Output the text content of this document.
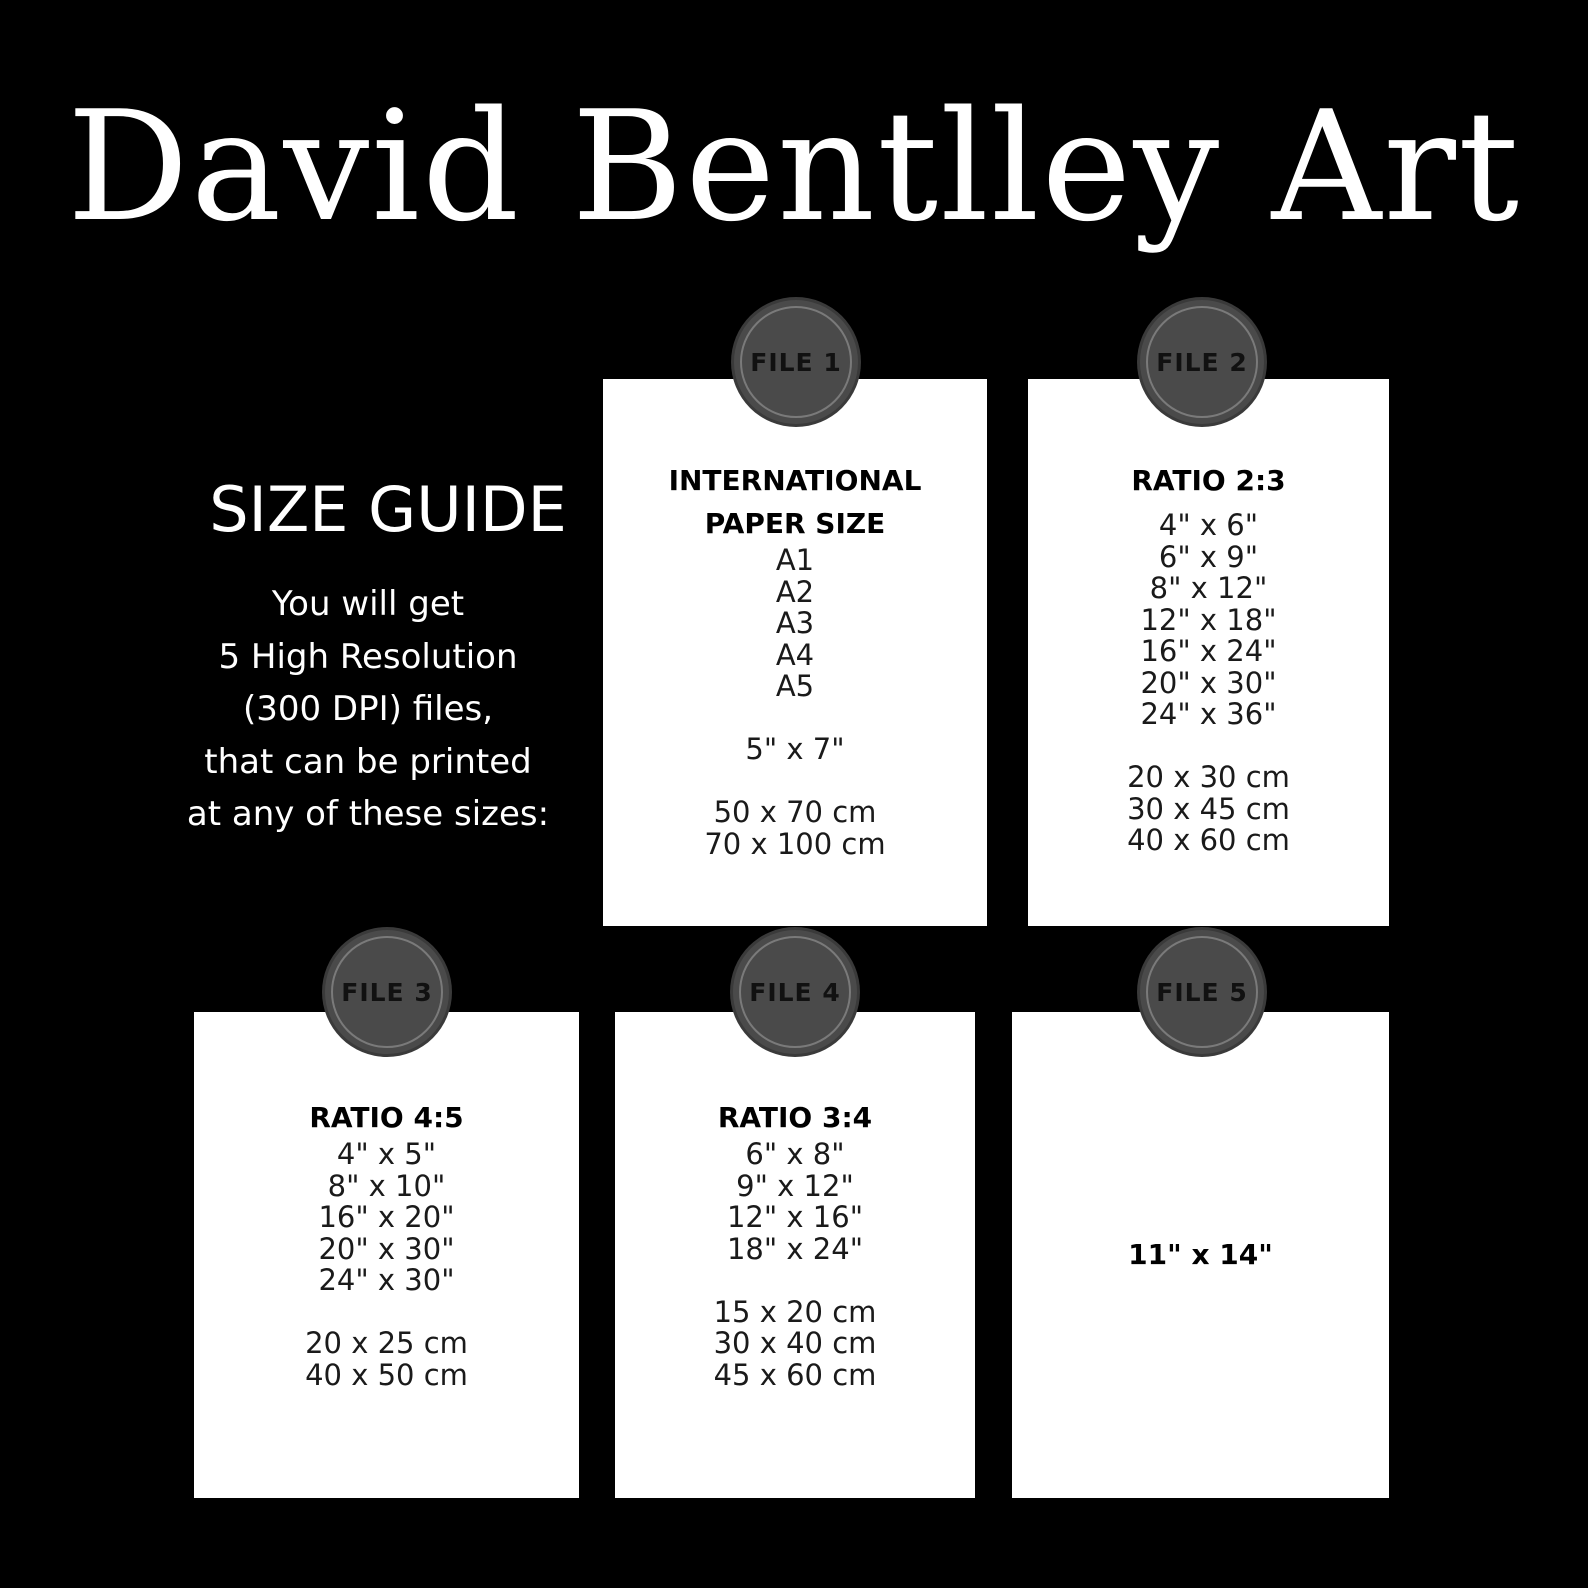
David Bentlley Art
SIZE GUIDE
You will get
5 High Resolution
(300 DPI) files,
that can be printed
at any of these sizes:
INTERNATIONAL
PAPER SIZE
A1
A2
A3
A4
A5
5" x 7"
50 x 70 cm
70 x 100 cm
RATIO 2:3
4" x 6"
6" x 9"
8" x 12"
12" x 18"
16" x 24"
20" x 30"
24" x 36"
20 x 30 cm
30 x 45 cm
40 x 60 cm
RATIO 4:5
4" x 5"
8" x 10"
16" x 20"
20" x 30"
24" x 30"
20 x 25 cm
40 x 50 cm
RATIO 3:4
6" x 8"
9" x 12"
12" x 16"
18" x 24"
15 x 20 cm
30 x 40 cm
45 x 60 cm
11" x 14"
FILE 1	FILE 2
FILE 3	FILE 4	FILE 5
